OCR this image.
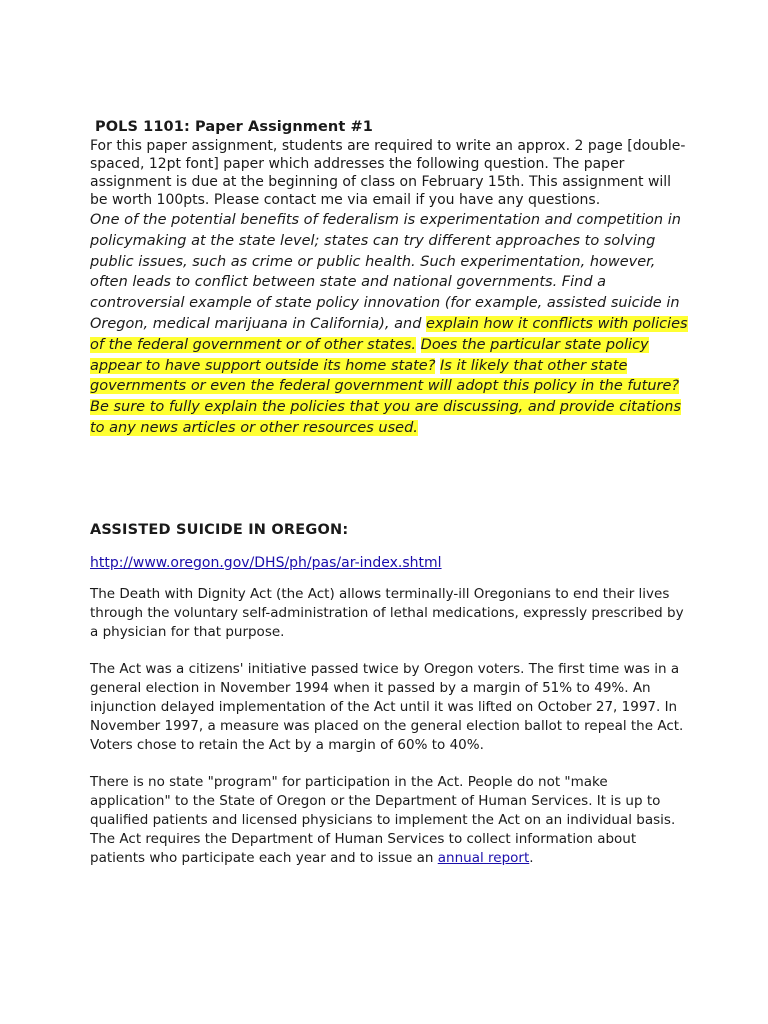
POLS 1101: Paper Assignment #1
For this paper assignment, students are required to write an approx. 2 page [double-spaced, 12pt font] paper which addresses the following question. The paper assignment is due at the beginning of class on February 15th. This assignment will be worth 100pts. Please contact me via email if you have any questions.
One of the potential benefits of federalism is experimentation and competition in policymaking at the state level; states can try different approaches to solving public issues, such as crime or public health. Such experimentation, however, often leads to conflict between state and national governments. Find a controversial example of state policy innovation (for example, assisted suicide in Oregon, medical marijuana in California), and explain how it conflicts with policies of the federal government or of other states. Does the particular state policy appear to have support outside its home state? Is it likely that other state governments or even the federal government will adopt this policy in the future? Be sure to fully explain the policies that you are discussing, and provide citations to any news articles or other resources used.
ASSISTED SUICIDE IN OREGON:
http://www.oregon.gov/DHS/ph/pas/ar-index.shtml

The Death with Dignity Act (the Act) allows terminally-ill Oregonians to end their lives through the voluntary self-administration of lethal medications, expressly prescribed by a physician for that purpose.

The Act was a citizens' initiative passed twice by Oregon voters. The first time was in a general election in November 1994 when it passed by a margin of 51% to 49%. An injunction delayed implementation of the Act until it was lifted on October 27, 1997. In November 1997, a measure was placed on the general election ballot to repeal the Act. Voters chose to retain the Act by a margin of 60% to 40%.

There is no state "program" for participation in the Act. People do not "make application" to the State of Oregon or the Department of Human Services. It is up to qualified patients and licensed physicians to implement the Act on an individual basis. The Act requires the Department of Human Services to collect information about patients who participate each year and to issue an annual report.
